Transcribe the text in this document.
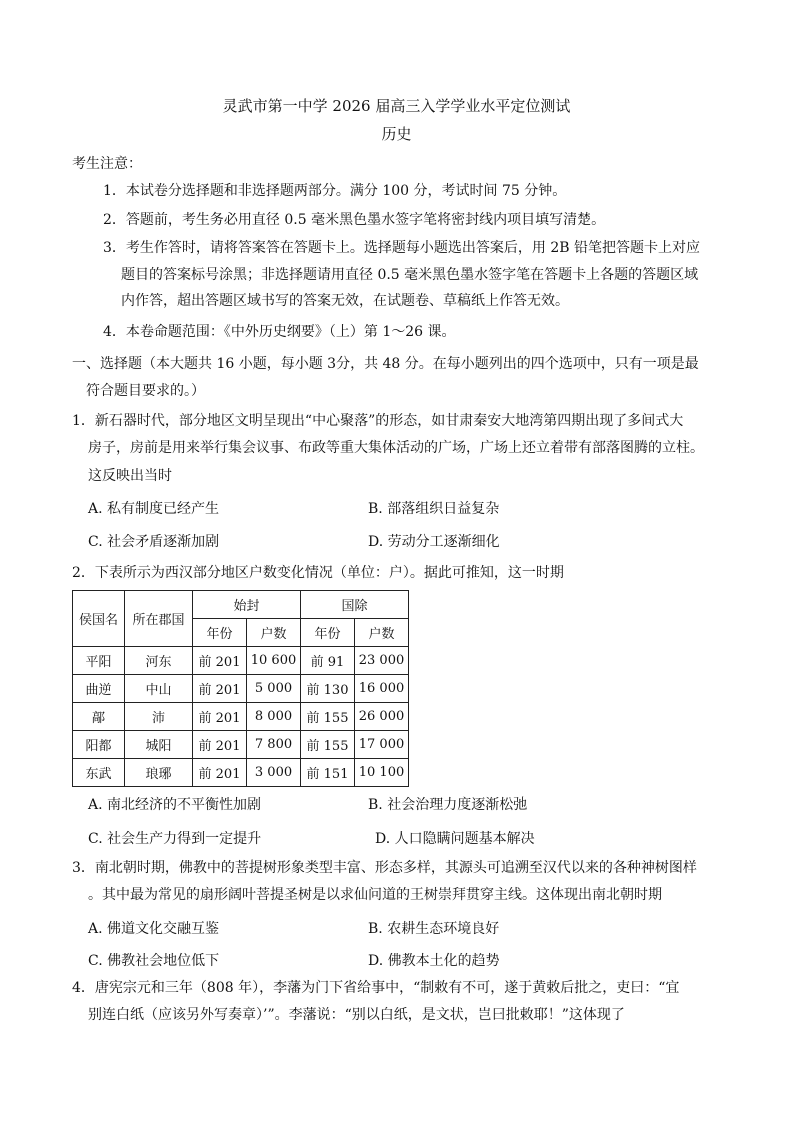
灵武市第一中学 2026 届高三入学学业水平定位测试
历史
考生注意：
1．本试卷分选择题和非选择题两部分。满分 100 分，考试时间 75 分钟。
2．答题前，考生务必用直径 0.5 毫米黑色墨水签字笔将密封线内项目填写清楚。
3．考生作答时，请将答案答在答题卡上。选择题每小题选出答案后，用 2B 铅笔把答题卡上对应
题目的答案标号涂黑；非选择题请用直径 0.5 毫米黑色墨水签字笔在答题卡上各题的答题区域
内作答，超出答题区域书写的答案无效，在试题卷、草稿纸上作答无效。
4．本卷命题范围：《中外历史纲要》（上）第 1～26 课。
一、选择题（本大题共 16 小题，每小题 3分，共 48 分。在每小题列出的四个选项中，只有一项是最
符合题目要求的。）
1．新石器时代，部分地区文明呈现出“中心聚落”的形态，如甘肃秦安大地湾第四期出现了多间式大
房子，房前是用来举行集会议事、布政等重大集体活动的广场，广场上还立着带有部落图腾的立柱。
这反映出当时
A. 私有制度已经产生	B. 部落组织日益复杂
C. 社会矛盾逐渐加剧	D. 劳动分工逐渐细化
2．下表所示为西汉部分地区户数变化情况（单位：户）。据此可推知，这一时期
侯国名	所在郡国	始封		国除	
		年份	户数	年份	户数
平阳	河东	前 201	10 600	前 91	23 000
曲逆	中山	前 201	5 000	前 130	16 000
鄗	沛	前 201	8 000	前 155	26 000
阳都	城阳	前 201	7 800	前 155	17 000
东武	琅琊	前 201	3 000	前 151	10 100
A. 南北经济的不平衡性加剧	B. 社会治理力度逐渐松弛
C. 社会生产力得到一定提升	D. 人口隐瞒问题基本解决
3．南北朝时期，佛教中的菩提树形象类型丰富、形态多样，其源头可追溯至汉代以来的各种神树图样
。其中最为常见的扇形阔叶菩提圣树是以求仙问道的王树崇拜贯穿主线。这体现出南北朝时期
A. 佛道文化交融互鉴	B. 农耕生态环境良好
C. 佛教社会地位低下	D. 佛教本土化的趋势
4．唐宪宗元和三年（808 年），李藩为门下省给事中，“制敕有不可，遂于黄敕后批之，吏曰：“宜
别连白纸（应该另外写奏章）’”。李藩说：“别以白纸，是文状，岂曰批敕耶！”这体现了
